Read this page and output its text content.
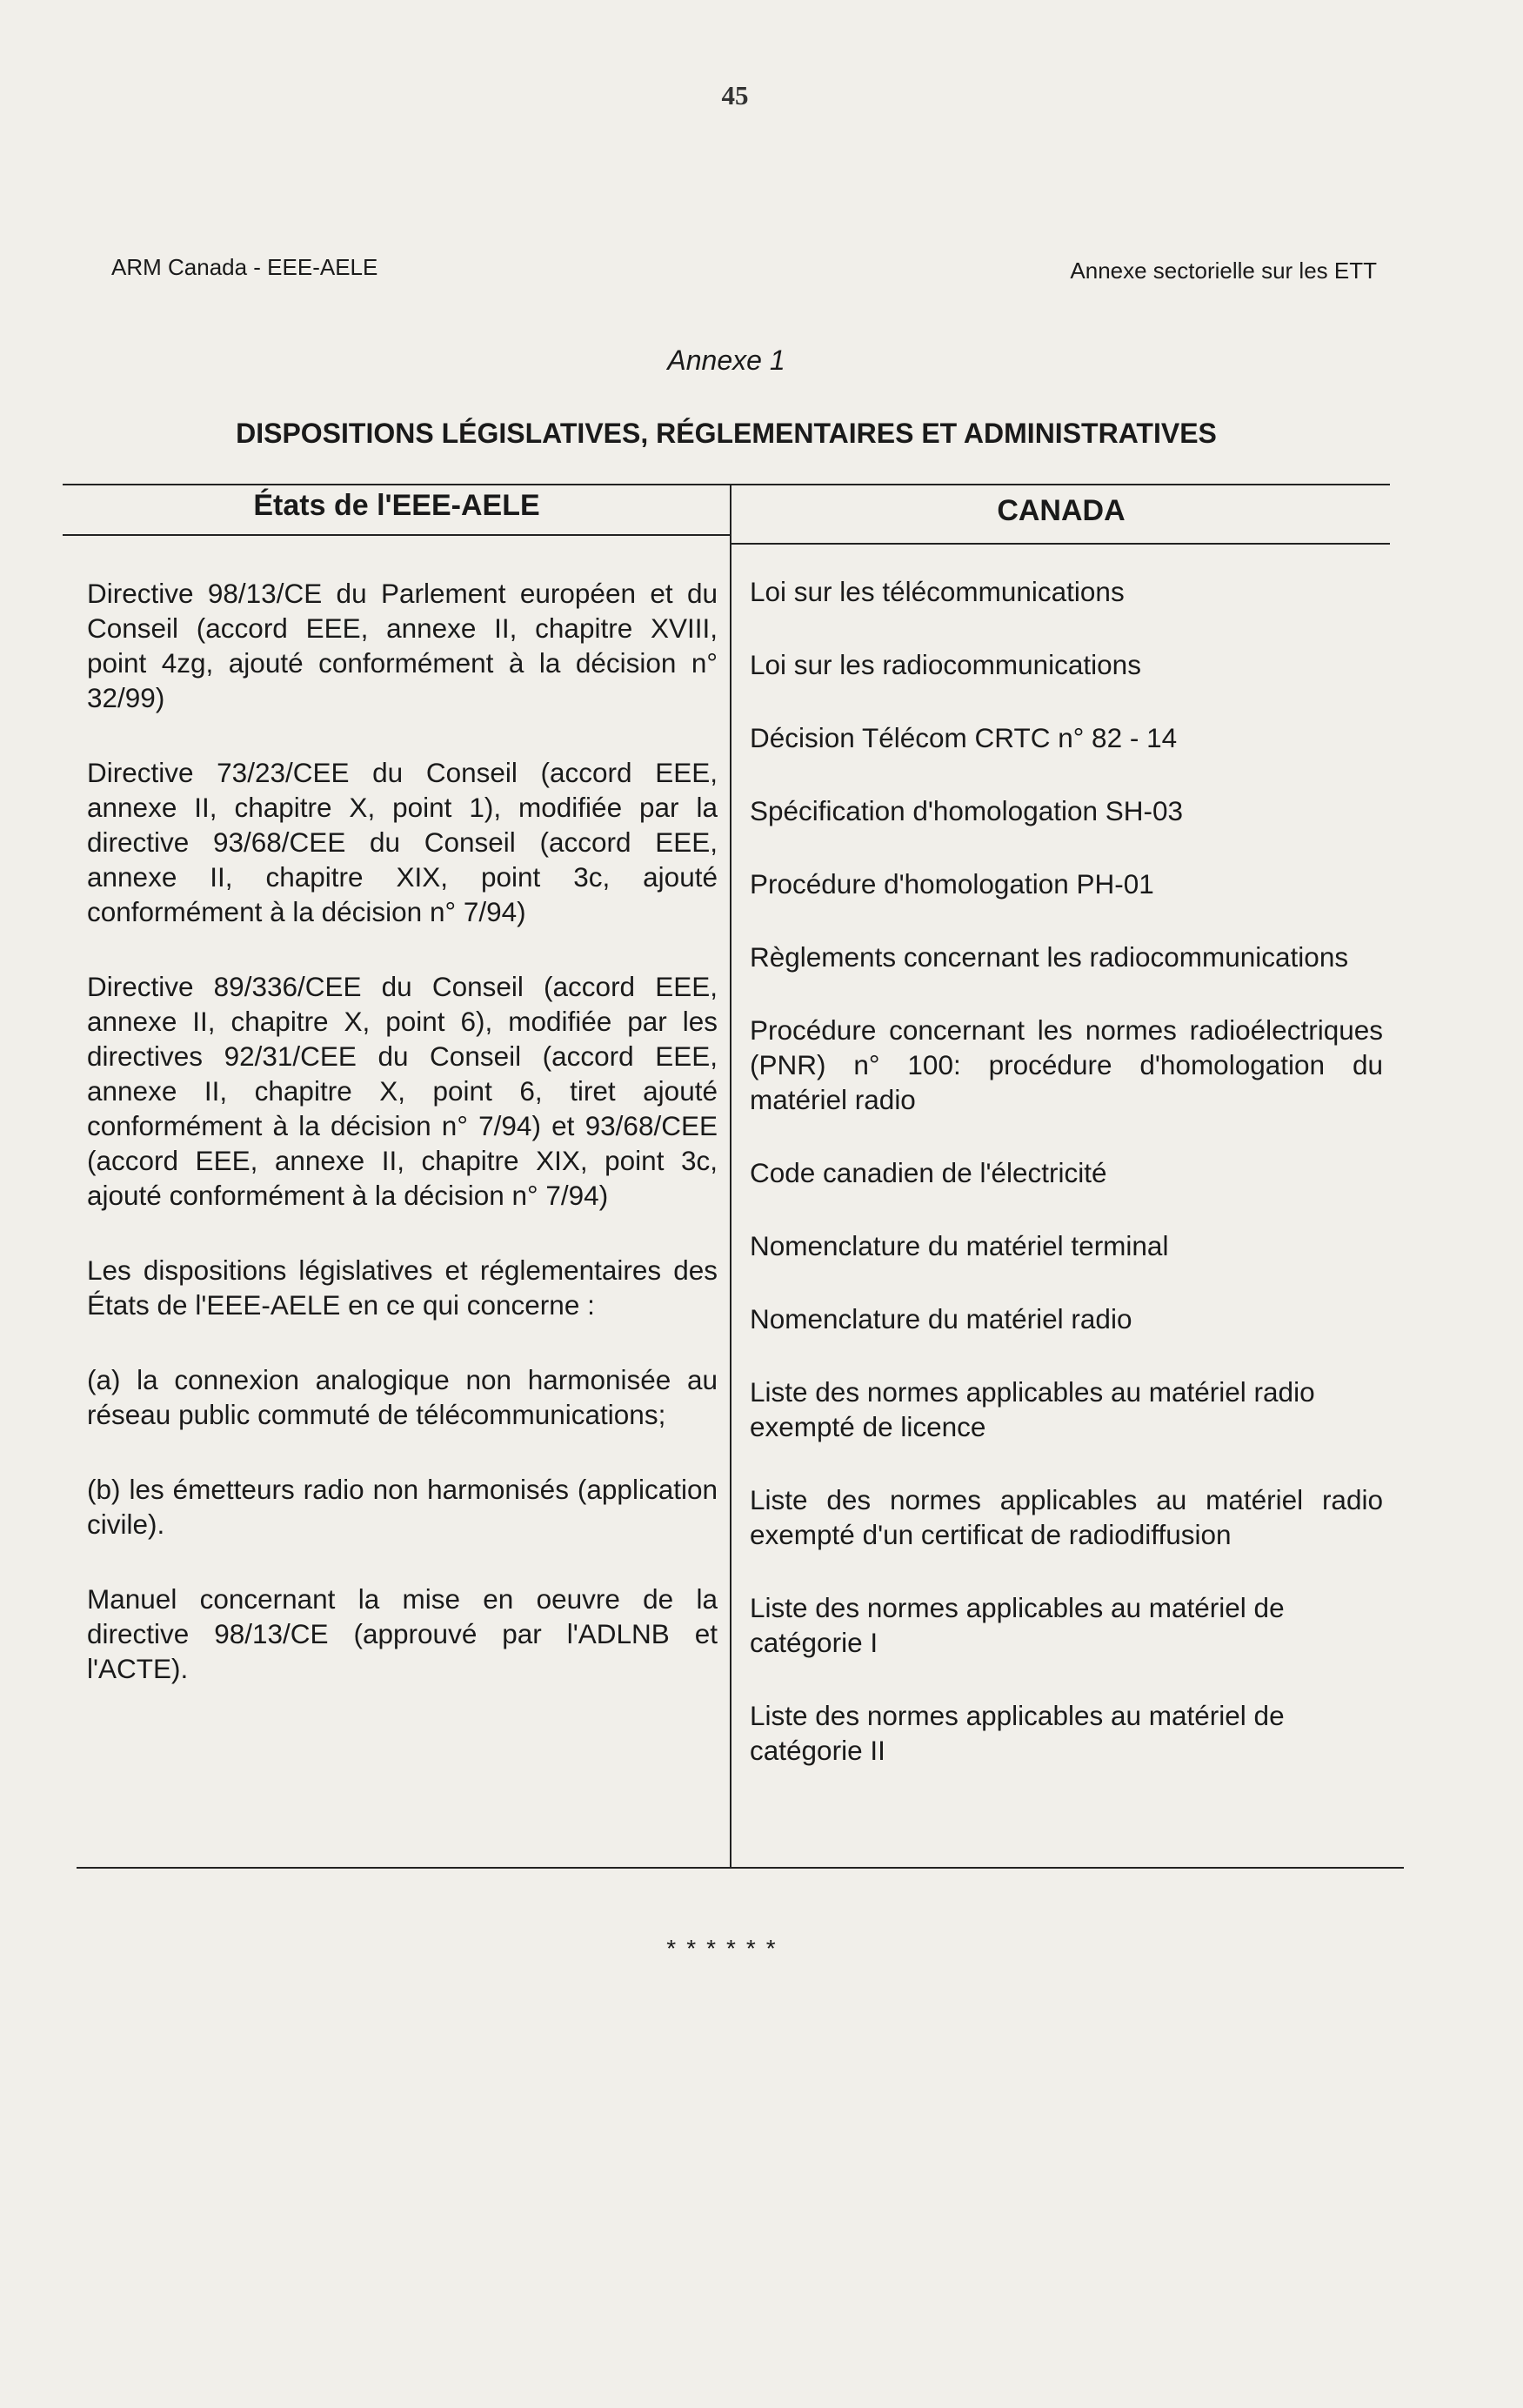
45
ARM Canada - EEE-AELE	Annexe sectorielle sur les ETT
Annexe 1
DISPOSITIONS LÉGISLATIVES, RÉGLEMENTAIRES ET ADMINISTRATIVES
États de l'EEE-AELE	CANADA

Directive 98/13/CE du Parlement européen et du Conseil (accord EEE, annexe II, chapitre XVIII, point 4zg, ajouté conformément à la décision n° 32/99)

Directive 73/23/CEE du Conseil (accord EEE, annexe II, chapitre X, point 1), modifiée par la directive 93/68/CEE du Conseil (accord EEE, annexe II, chapitre XIX, point 3c, ajouté conformément à la décision n° 7/94)

Directive 89/336/CEE du Conseil (accord EEE, annexe II, chapitre X, point 6), modifiée par les directives 92/31/CEE du Conseil (accord EEE, annexe II, chapitre X, point 6, tiret ajouté conformément à la décision n° 7/94) et 93/68/CEE (accord EEE, annexe II, chapitre XIX, point 3c, ajouté conformément à la décision n° 7/94)

Les dispositions législatives et réglementaires des États de l'EEE-AELE en ce qui concerne :

(a) la connexion analogique non harmonisée au réseau public commuté de télécommunications;

(b) les émetteurs radio non harmonisés (application civile).

Manuel concernant la mise en oeuvre de la directive 98/13/CE (approuvé par l'ADLNB et l'ACTE).

Loi sur les télécommunications

Loi sur les radiocommunications

Décision Télécom CRTC n° 82 - 14

Spécification d'homologation SH-03

Procédure d'homologation PH-01

Règlements concernant les radiocommunications

Procédure concernant les normes radioélectriques (PNR) n° 100: procédure d'homologation du matériel radio

Code canadien de l'électricité

Nomenclature du matériel terminal

Nomenclature du matériel radio

Liste des normes applicables au matériel radio exempté de licence

Liste des normes applicables au matériel radio exempté d'un certificat de radiodiffusion

Liste des normes applicables au matériel de catégorie I

Liste des normes applicables au matériel de catégorie II

******
